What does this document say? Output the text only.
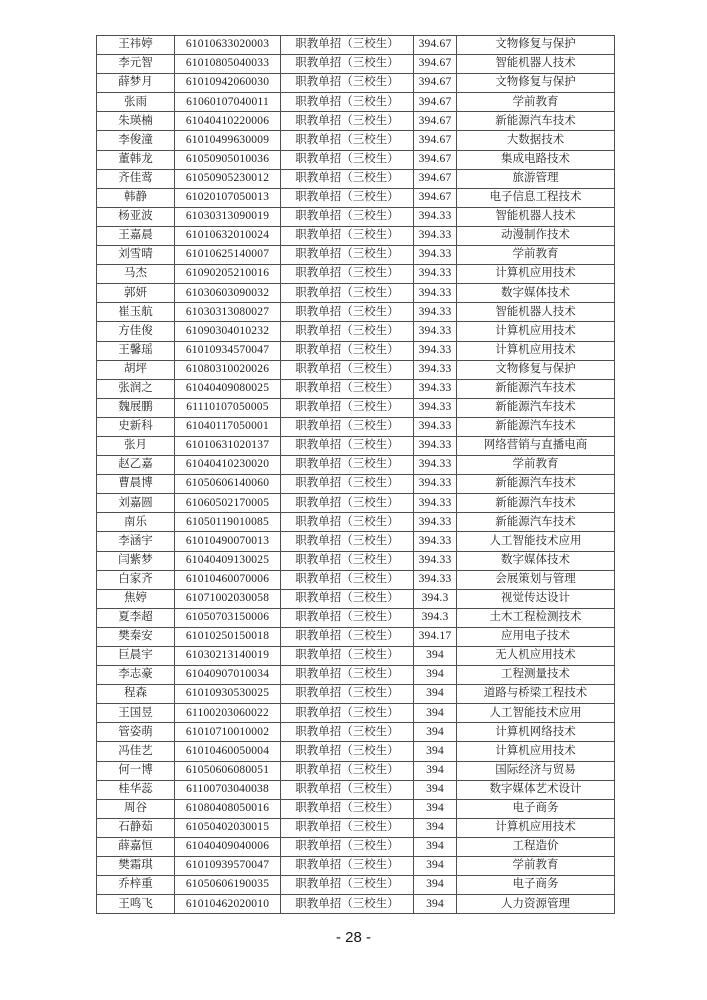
王祎婷	61010633020003	职教单招（三校生）	394.67	文物修复与保护
李元智	61010805040033	职教单招（三校生）	394.67	智能机器人技术
薛梦月	61010942060030	职教单招（三校生）	394.67	文物修复与保护
张雨	61060107040011	职教单招（三校生）	394.67	学前教育
朱瑛楠	61040410220006	职教单招（三校生）	394.67	新能源汽车技术
李俊潼	61010499630009	职教单招（三校生）	394.67	大数据技术
董韩龙	61050905010036	职教单招（三校生）	394.67	集成电路技术
齐佳莺	61050905230012	职教单招（三校生）	394.67	旅游管理
韩静	61020107050013	职教单招（三校生）	394.67	电子信息工程技术
杨亚波	61030313090019	职教单招（三校生）	394.33	智能机器人技术
王嘉晨	61010632010024	职教单招（三校生）	394.33	动漫制作技术
刘雪晴	61010625140007	职教单招（三校生）	394.33	学前教育
马杰	61090205210016	职教单招（三校生）	394.33	计算机应用技术
郭妍	61030603090032	职教单招（三校生）	394.33	数字媒体技术
崔玉航	61030313080027	职教单招（三校生）	394.33	智能机器人技术
方佳俊	61090304010232	职教单招（三校生）	394.33	计算机应用技术
王馨瑶	61010934570047	职教单招（三校生）	394.33	计算机应用技术
胡坪	61080310020026	职教单招（三校生）	394.33	文物修复与保护
张润之	61040409080025	职教单招（三校生）	394.33	新能源汽车技术
魏展鹏	61110107050005	职教单招（三校生）	394.33	新能源汽车技术
史新科	61040117050001	职教单招（三校生）	394.33	新能源汽车技术
张月	61010631020137	职教单招（三校生）	394.33	网络营销与直播电商
赵乙嘉	61040410230020	职教单招（三校生）	394.33	学前教育
曹晨博	61050606140060	职教单招（三校生）	394.33	新能源汽车技术
刘嘉圆	61060502170005	职教单招（三校生）	394.33	新能源汽车技术
南乐	61050119010085	职教单招（三校生）	394.33	新能源汽车技术
李涵宇	61010490070013	职教单招（三校生）	394.33	人工智能技术应用
闫紫梦	61040409130025	职教单招（三校生）	394.33	数字媒体技术
白家齐	61010460070006	职教单招（三校生）	394.33	会展策划与管理
焦婷	61071002030058	职教单招（三校生）	394.3	视觉传达设计
夏李超	61050703150006	职教单招（三校生）	394.3	土木工程检测技术
樊秦安	61010250150018	职教单招（三校生）	394.17	应用电子技术
巨晨宇	61030213140019	职教单招（三校生）	394	无人机应用技术
李志豪	61040907010034	职教单招（三校生）	394	工程测量技术
程森	61010930530025	职教单招（三校生）	394	道路与桥梁工程技术
王国昱	61100203060022	职教单招（三校生）	394	人工智能技术应用
管姿萌	61010710010002	职教单招（三校生）	394	计算机网络技术
冯佳艺	61010460050004	职教单招（三校生）	394	计算机应用技术
何一博	61050606080051	职教单招（三校生）	394	国际经济与贸易
桂华蕊	61100703040038	职教单招（三校生）	394	数字媒体艺术设计
周谷	61080408050016	职教单招（三校生）	394	电子商务
石静茹	61050402030015	职教单招（三校生）	394	计算机应用技术
薛嘉恒	61040409040006	职教单招（三校生）	394	工程造价
樊霜琪	61010939570047	职教单招（三校生）	394	学前教育
乔梓重	61050606190035	职教单招（三校生）	394	电子商务
王鸣飞	61010462020010	职教单招（三校生）	394	人力资源管理
- 28 -
